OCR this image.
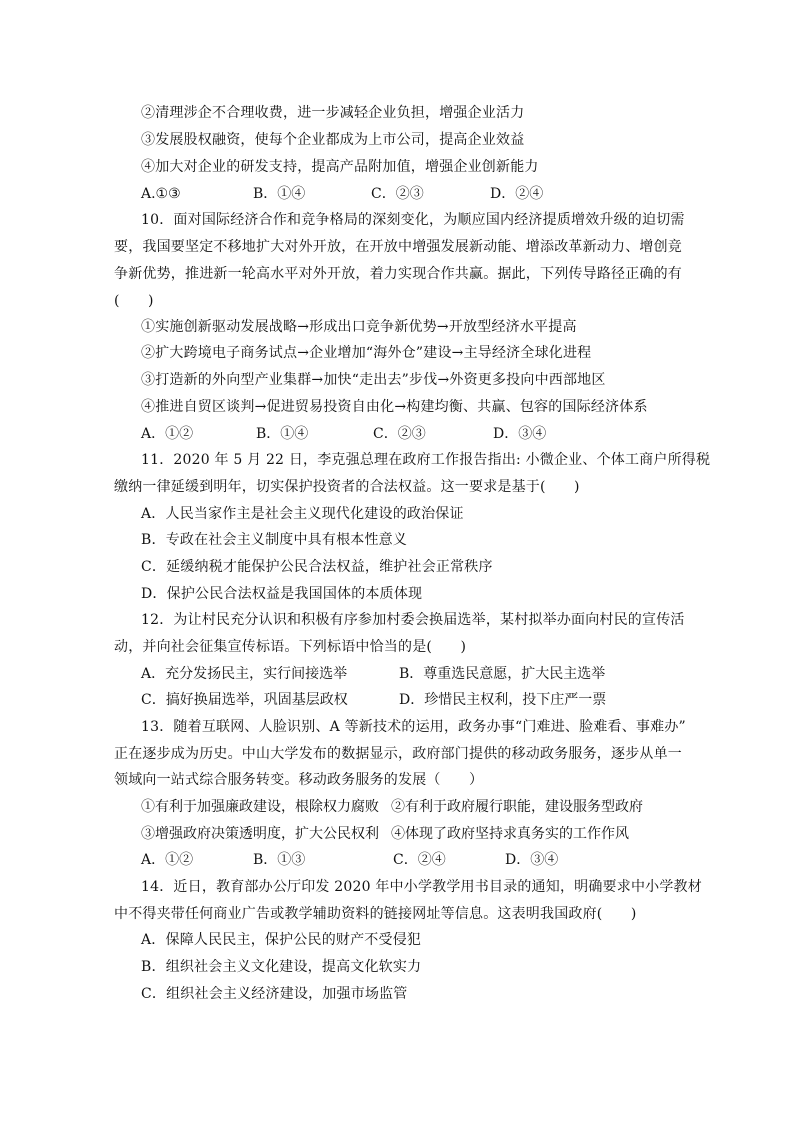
②清理涉企不合理收费，进一步减轻企业负担，增强企业活力
③发展股权融资，使每个企业都成为上市公司，提高企业效益
④加大对企业的研发支持，提高产品附加值，增强企业创新能力
A.①③	B．①④	C．②③	D．②④
10．面对国际经济合作和竞争格局的深刻变化，为顺应国内经济提质增效升级的迫切需
要，我国要坚定不移地扩大对外开放，在开放中增强发展新动能、增添改革新动力、增创竞
争新优势，推进新一轮高水平对外开放，着力实现合作共赢。据此，下列传导路径正确的有
(　　)
①实施创新驱动发展战略→形成出口竞争新优势→开放型经济水平提高
②扩大跨境电子商务试点→企业增加“海外仓”建设→主导经济全球化进程
③打造新的外向型产业集群→加快“走出去”步伐→外资更多投向中西部地区
④推进自贸区谈判→促进贸易投资自由化→构建均衡、共赢、包容的国际经济体系
A．①②	B．①④	C．②③	D．③④
11．2020 年 5 月 22 日，李克强总理在政府工作报告指出: 小微企业、个体工商户所得税
缴纳一律延缓到明年，切实保护投资者的合法权益。这一要求是基于(　　)
A．人民当家作主是社会主义现代化建设的政治保证
B．专政在社会主义制度中具有根本性意义
C．延缓纳税才能保护公民合法权益，维护社会正常秩序
D．保护公民合法权益是我国国体的本质体现
12．为让村民充分认识和积极有序参加村委会换届选举，某村拟举办面向村民的宣传活
动，并向社会征集宣传标语。下列标语中恰当的是(　　)
A．充分发扬民主，实行间接选举	B．尊重选民意愿，扩大民主选举
C．搞好换届选举，巩固基层政权	D．珍惜民主权利，投下庄严一票
13．随着互联网、人脸识别、A 等新技术的运用，政务办事“门难进、脸难看、事难办”
正在逐步成为历史。中山大学发布的数据显示，政府部门提供的移动政务服务，逐步从单一
领域向一站式综合服务转变。移动政务服务的发展（　　）
①有利于加强廉政建设，根除权力腐败 ②有利于政府履行职能，建设服务型政府
③增强政府决策透明度，扩大公民权利 ④体现了政府坚持求真务实的工作作风
A．①②	B．①③	C．②④	D．③④
14．近日，教育部办公厅印发 2020 年中小学教学用书目录的通知，明确要求中小学教材
中不得夹带任何商业广告或教学辅助资料的链接网址等信息。这表明我国政府(　　)
A．保障人民民主，保护公民的财产不受侵犯
B．组织社会主义文化建设，提高文化软实力
C．组织社会主义经济建设，加强市场监管
